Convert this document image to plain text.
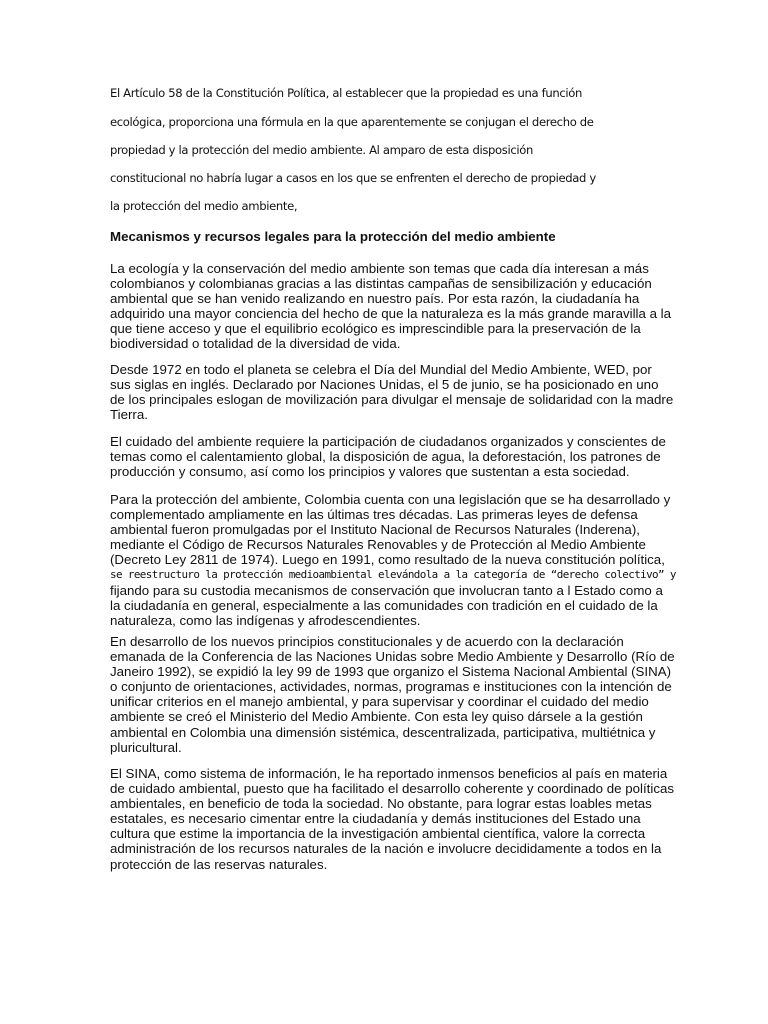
El Artículo 58 de la Constitución Política, al establecer que la propiedad es una función
ecológica, proporciona una fórmula en la que aparentemente se conjugan el derecho de
propiedad y la protección del medio ambiente. Al amparo de esta disposición
constitucional no habría lugar a casos en los que se enfrenten el derecho de propiedad y
la protección del medio ambiente,
Mecanismos y recursos legales para la protección del medio ambiente
La ecología y la conservación del medio ambiente son temas que cada día interesan a más
colombianos y colombianas gracias a las distintas campañas de sensibilización y educación
ambiental que se han venido realizando en nuestro país. Por esta razón, la ciudadanía ha
adquirido una mayor conciencia del hecho de que la naturaleza es la más grande maravilla a la
que tiene acceso y que el equilibrio ecológico es imprescindible para la preservación de la
biodiversidad o totalidad de la diversidad de vida.
Desde 1972 en todo el planeta se celebra el Día del Mundial del Medio Ambiente, WED, por
sus siglas en inglés. Declarado por Naciones Unidas, el 5 de junio, se ha posicionado en uno
de los principales eslogan de movilización para divulgar el mensaje de solidaridad con la madre
Tierra.
El cuidado del ambiente requiere la participación de ciudadanos organizados y conscientes de
temas como el calentamiento global, la disposición de agua, la deforestación, los patrones de
producción y consumo, así como los principios y valores que sustentan a esta sociedad.
Para la protección del ambiente, Colombia cuenta con una legislación que se ha desarrollado y
complementado ampliamente en las últimas tres décadas. Las primeras leyes de defensa
ambiental fueron promulgadas por el Instituto Nacional de Recursos Naturales (Inderena),
mediante el Código de Recursos Naturales Renovables y de Protección al Medio Ambiente
(Decreto Ley 2811 de 1974). Luego en 1991, como resultado de la nueva constitución política,
se reestructuro la protección medioambiental elevándola a la categoría de “derecho colectivo” y
fijando para su custodia mecanismos de conservación que involucran tanto a l Estado como a
la ciudadanía en general, especialmente a las comunidades con tradición en el cuidado de la
naturaleza, como las indígenas y afrodescendientes.
En desarrollo de los nuevos principios constitucionales y de acuerdo con la declaración
emanada de la Conferencia de las Naciones Unidas sobre Medio Ambiente y Desarrollo (Río de
Janeiro 1992), se expidió la ley 99 de 1993 que organizo el Sistema Nacional Ambiental (SINA)
o conjunto de orientaciones, actividades, normas, programas e instituciones con la intención de
unificar criterios en el manejo ambiental, y para supervisar y coordinar el cuidado del medio
ambiente se creó el Ministerio del Medio Ambiente. Con esta ley quiso dársele a la gestión
ambiental en Colombia una dimensión sistémica, descentralizada, participativa, multiétnica y
pluricultural.
El SINA, como sistema de información, le ha reportado inmensos beneficios al país en materia
de cuidado ambiental, puesto que ha facilitado el desarrollo coherente y coordinado de políticas
ambientales, en beneficio de toda la sociedad. No obstante, para lograr estas loables metas
estatales, es necesario cimentar entre la ciudadanía y demás instituciones del Estado una
cultura que estime la importancia de la investigación ambiental científica, valore la correcta
administración de los recursos naturales de la nación e involucre decididamente a todos en la
protección de las reservas naturales.
